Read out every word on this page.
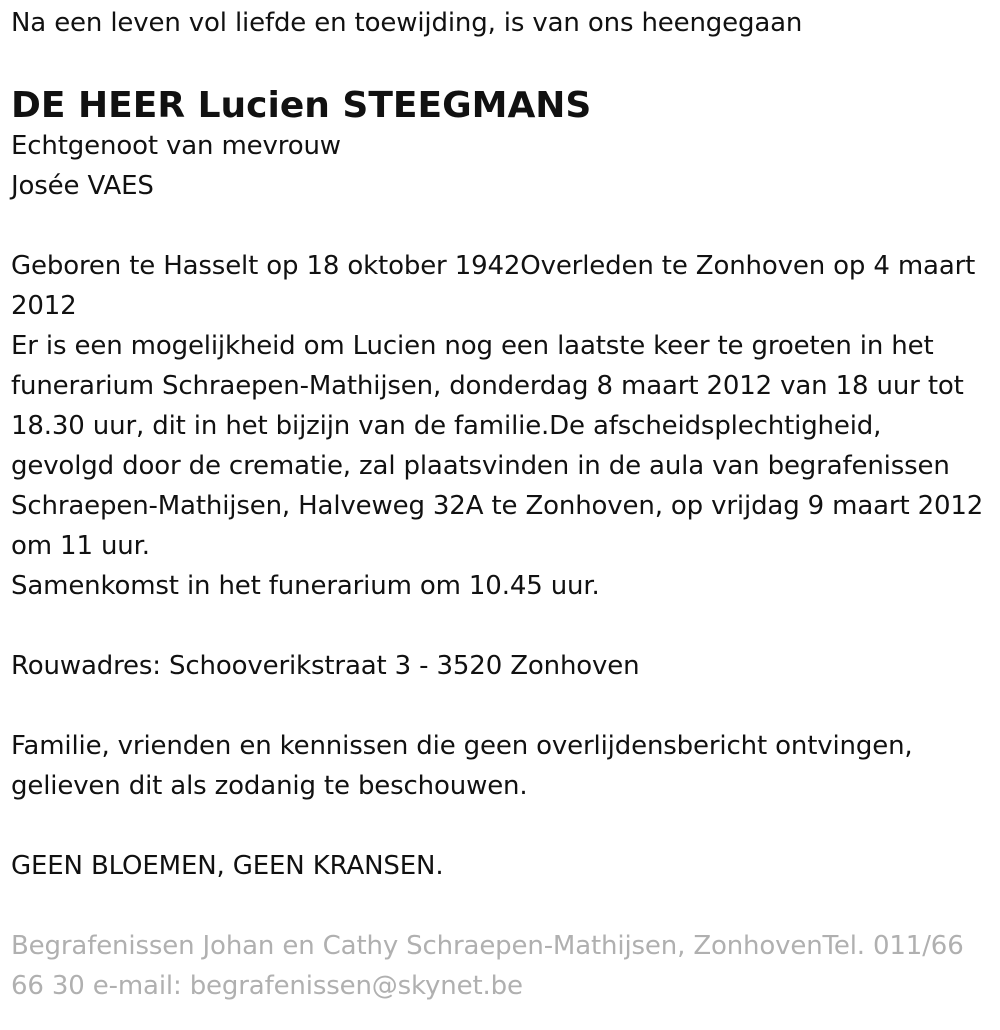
Na een leven vol liefde en toewijding, is van ons heengegaan
DE HEER Lucien STEEGMANS
Echtgenoot van mevrouw
Josée VAES
Geboren te Hasselt op 18 oktober 1942Overleden te Zonhoven op 4 maart 2012
Er is een mogelijkheid om Lucien nog een laatste keer te groeten in het funerarium Schraepen-Mathijsen, donderdag 8 maart 2012 van 18 uur tot 18.30 uur, dit in het bijzijn van de familie.De afscheidsplechtigheid, gevolgd door de crematie, zal plaatsvinden in de aula van begrafenissen Schraepen-Mathijsen, Halveweg 32A te Zonhoven, op vrijdag 9 maart 2012 om 11 uur.
Samenkomst in het funerarium om 10.45 uur.
Rouwadres: Schooverikstraat 3 - 3520 Zonhoven
Familie, vrienden en kennissen die geen overlijdensbericht ontvingen, gelieven dit als zodanig te beschouwen.
GEEN BLOEMEN, GEEN KRANSEN.
Begrafenissen Johan en Cathy Schraepen-Mathijsen, ZonhovenTel. 011/66 66 30 e-mail: begrafenissen@skynet.be
